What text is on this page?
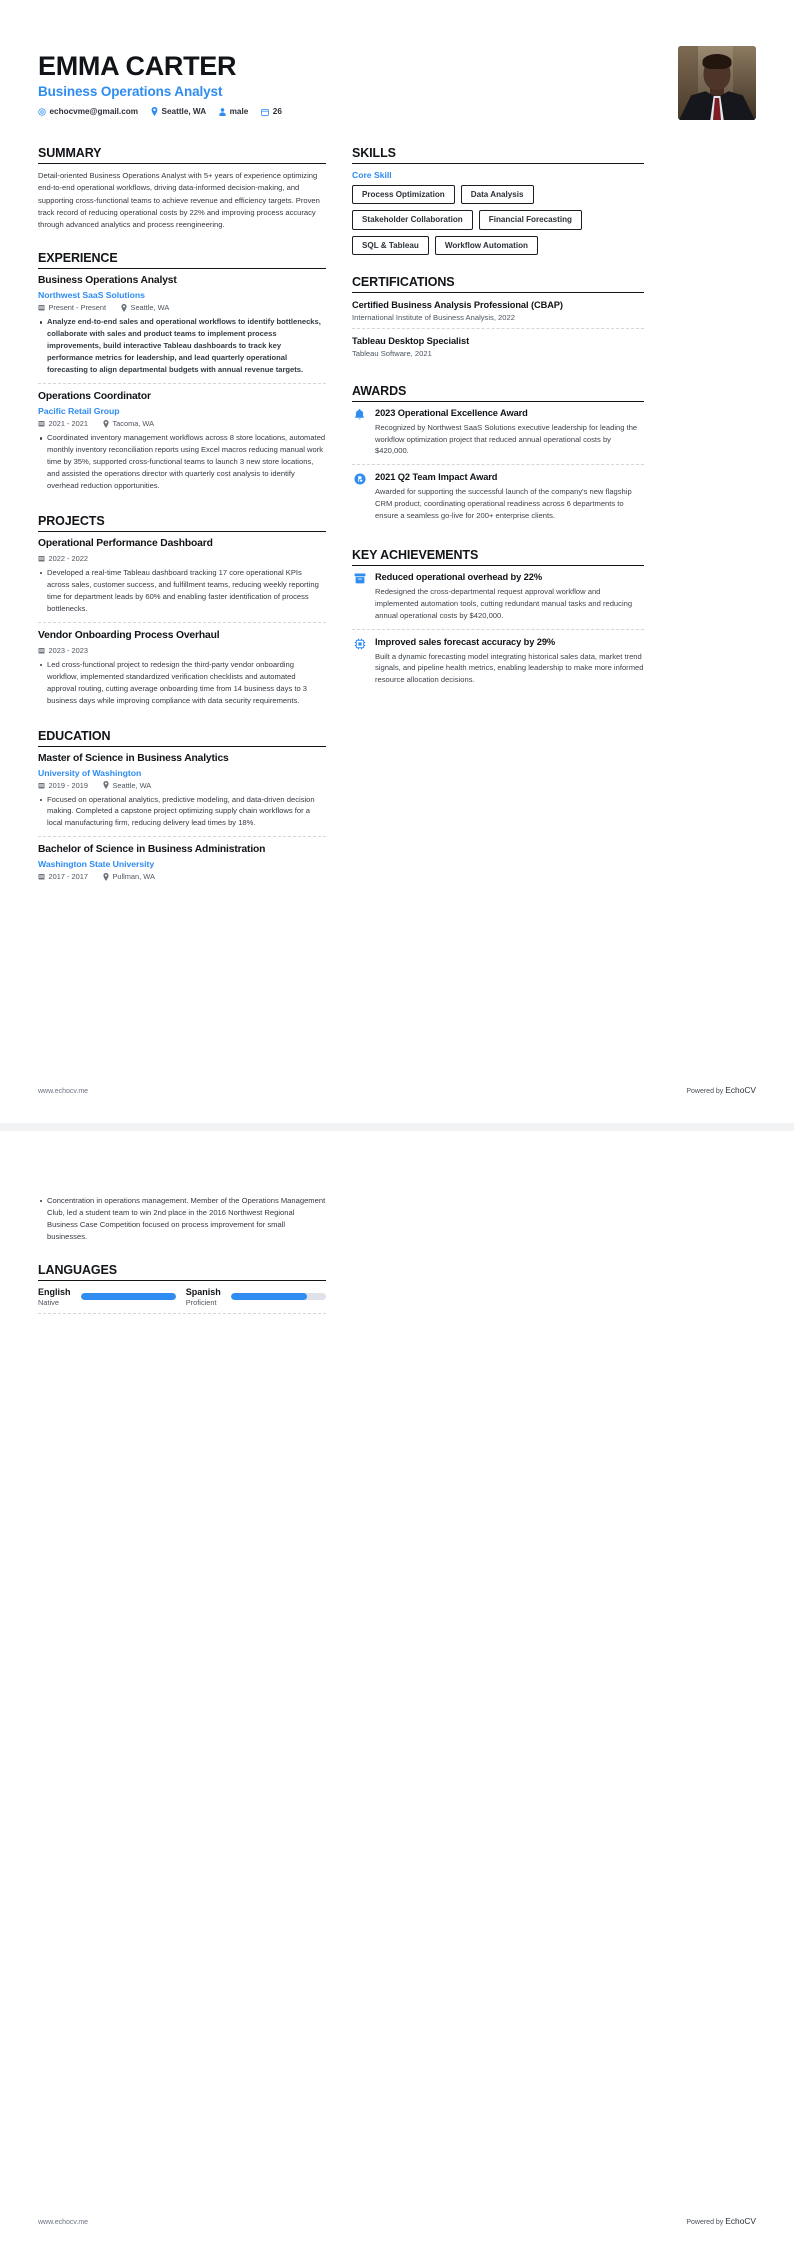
EMMA CARTER
Business Operations Analyst
echocvme@gmail.com	Seattle, WA	male	26
SUMMARY
Detail-oriented Business Operations Analyst with 5+ years of experience optimizing end-to-end operational workflows, driving data-informed decision-making, and supporting cross-functional teams to achieve revenue and efficiency targets. Proven track record of reducing operational costs by 22% and improving process accuracy through advanced analytics and process reengineering.
EXPERIENCE
Business Operations Analyst
Northwest SaaS Solutions
Present - Present	Seattle, WA
Analyze end-to-end sales and operational workflows to identify bottlenecks, collaborate with sales and product teams to implement process improvements, build interactive Tableau dashboards to track key performance metrics for leadership, and lead quarterly operational forecasting to align departmental budgets with annual revenue targets.
Operations Coordinator
Pacific Retail Group
2021 - 2021	Tacoma, WA
Coordinated inventory management workflows across 8 store locations, automated monthly inventory reconciliation reports using Excel macros reducing manual work time by 35%, supported cross-functional teams to launch 3 new store locations, and assisted the operations director with quarterly cost analysis to identify overhead reduction opportunities.
PROJECTS
Operational Performance Dashboard
2022 - 2022
Developed a real-time Tableau dashboard tracking 17 core operational KPIs across sales, customer success, and fulfillment teams, reducing weekly reporting time for department leads by 60% and enabling faster identification of process bottlenecks.
Vendor Onboarding Process Overhaul
2023 - 2023
Led cross-functional project to redesign the third-party vendor onboarding workflow, implemented standardized verification checklists and automated approval routing, cutting average onboarding time from 14 business days to 3 business days while improving compliance with data security requirements.
EDUCATION
Master of Science in Business Analytics
University of Washington
2019 - 2019	Seattle, WA
Focused on operational analytics, predictive modeling, and data-driven decision making. Completed a capstone project optimizing supply chain workflows for a local manufacturing firm, reducing delivery lead times by 18%.
Bachelor of Science in Business Administration
Washington State University
2017 - 2017	Pullman, WA
SKILLS
Core Skill
Process Optimization	Data Analysis
Stakeholder Collaboration	Financial Forecasting
SQL & Tableau	Workflow Automation
CERTIFICATIONS
Certified Business Analysis Professional (CBAP)
International Institute of Business Analysis, 2022
Tableau Desktop Specialist
Tableau Software, 2021
AWARDS
2023 Operational Excellence Award
Recognized by Northwest SaaS Solutions executive leadership for leading the workflow optimization project that reduced annual operational costs by $420,000.
2021 Q2 Team Impact Award
Awarded for supporting the successful launch of the company's new flagship CRM product, coordinating operational readiness across 6 departments to ensure a seamless go-live for 200+ enterprise clients.
KEY ACHIEVEMENTS
Reduced operational overhead by 22%
Redesigned the cross-departmental request approval workflow and implemented automation tools, cutting redundant manual tasks and reducing annual operational costs by $420,000.
Improved sales forecast accuracy by 29%
Built a dynamic forecasting model integrating historical sales data, market trend signals, and pipeline health metrics, enabling leadership to make more informed resource allocation decisions.
www.echocv.me	Powered by EchoCV
Concentration in operations management. Member of the Operations Management Club, led a student team to win 2nd place in the 2016 Northwest Regional Business Case Competition focused on process improvement for small businesses.
LANGUAGES
English
Native
Spanish
Proficient
www.echocv.me	Powered by EchoCV
